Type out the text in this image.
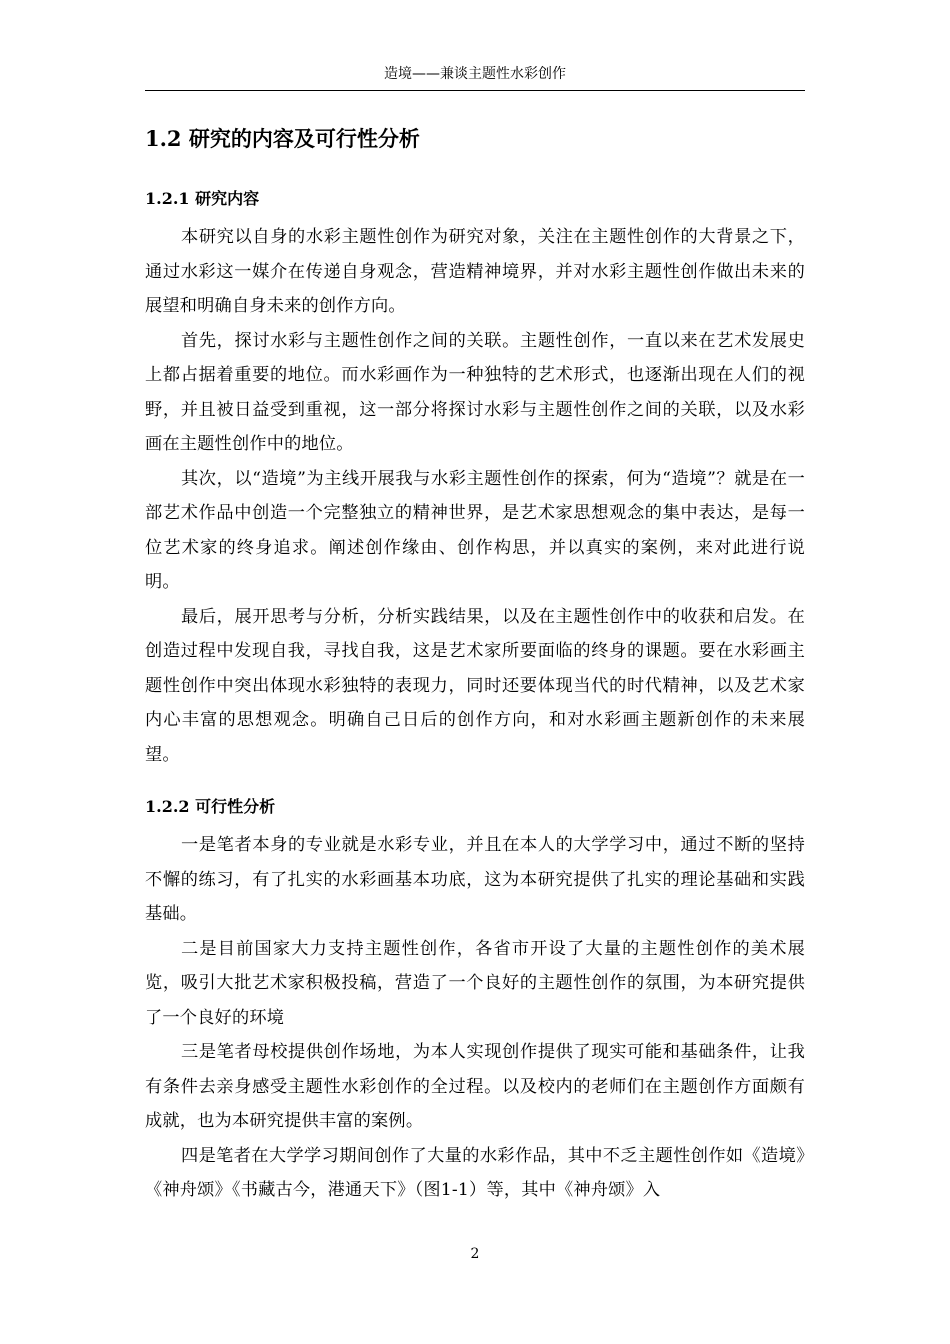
造境——兼谈主题性水彩创作
1.2 研究的内容及可行性分析
1.2.1 研究内容

本研究以自身的水彩主题性创作为研究对象，关注在主题性创作的大背景之下，通过水彩这一媒介在传递自身观念，营造精神境界，并对水彩主题性创作做出未来的展望和明确自身未来的创作方向。

首先，探讨水彩与主题性创作之间的关联。主题性创作，一直以来在艺术发展史上都占据着重要的地位。而水彩画作为一种独特的艺术形式，也逐渐出现在人们的视野，并且被日益受到重视，这一部分将探讨水彩与主题性创作之间的关联，以及水彩画在主题性创作中的地位。

其次，以“造境”为主线开展我与水彩主题性创作的探索，何为“造境”？就是在一部艺术作品中创造一个完整独立的精神世界，是艺术家思想观念的集中表达，是每一位艺术家的终身追求。阐述创作缘由、创作构思，并以真实的案例，来对此进行说明。

最后，展开思考与分析，分析实践结果，以及在主题性创作中的收获和启发。在创造过程中发现自我，寻找自我，这是艺术家所要面临的终身的课题。要在水彩画主题性创作中突出体现水彩独特的表现力，同时还要体现当代的时代精神，以及艺术家内心丰富的思想观念。明确自己日后的创作方向，和对水彩画主题新创作的未来展望。

1.2.2 可行性分析

一是笔者本身的专业就是水彩专业，并且在本人的大学学习中，通过不断的坚持不懈的练习，有了扎实的水彩画基本功底，这为本研究提供了扎实的理论基础和实践基础。

二是目前国家大力支持主题性创作，各省市开设了大量的主题性创作的美术展览，吸引大批艺术家积极投稿，营造了一个良好的主题性创作的氛围，为本研究提供了一个良好的环境

三是笔者母校提供创作场地，为本人实现创作提供了现实可能和基础条件，让我有条件去亲身感受主题性水彩创作的全过程。以及校内的老师们在主题创作方面颇有成就，也为本研究提供丰富的案例。

四是笔者在大学学习期间创作了大量的水彩作品，其中不乏主题性创作如《造境》《神舟颂》《书藏古今，港通天下》（图1-1）等，其中《神舟颂》入

2
